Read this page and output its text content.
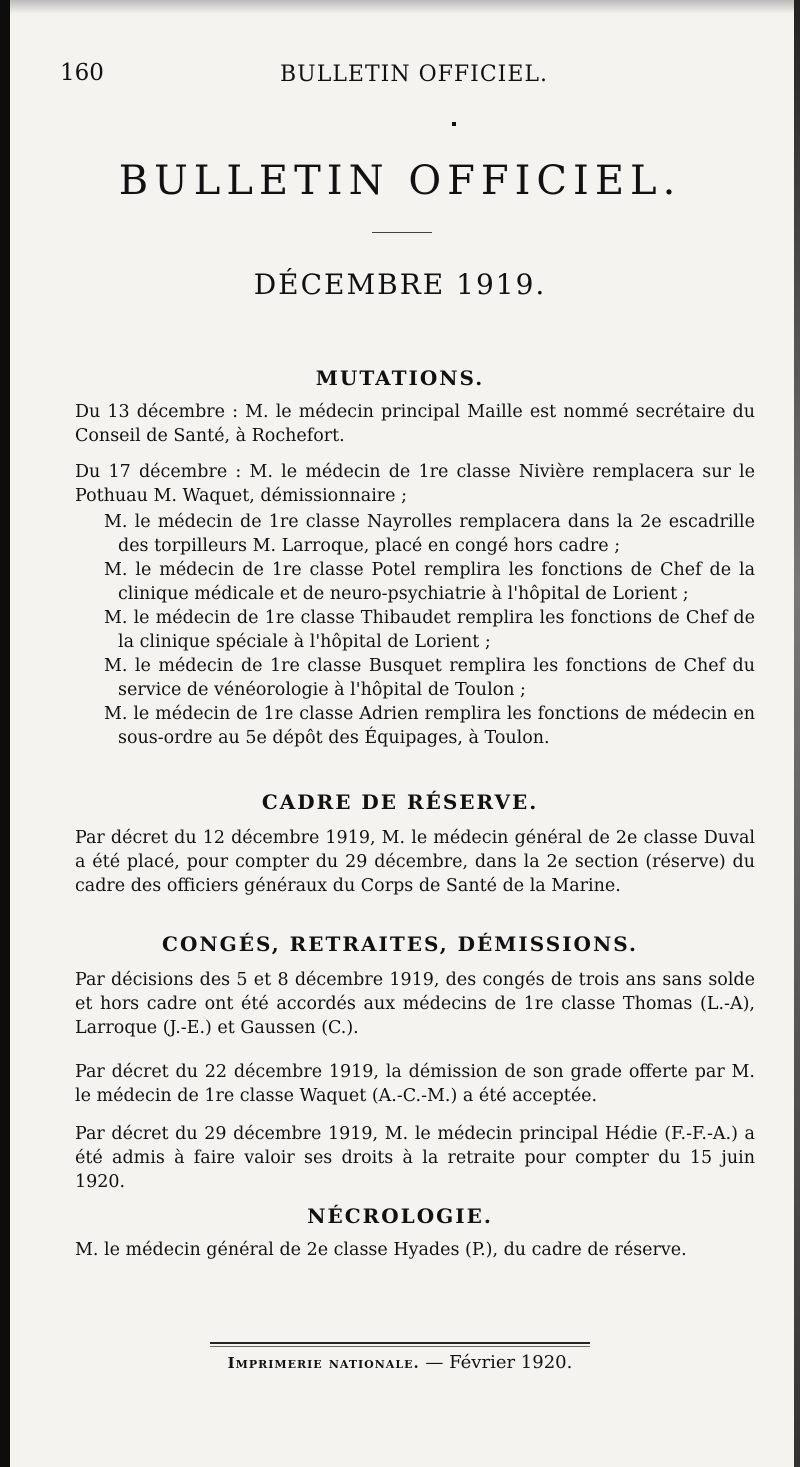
160	BULLETIN OFFICIEL.
BULLETIN OFFICIEL.
DÉCEMBRE 1919.
MUTATIONS.

Du 13 décembre : M. le médecin principal Maille est nommé secrétaire du Conseil de Santé, à Rochefort.

Du 17 décembre : M. le médecin de 1re classe Nivière remplacera sur le Pothuau M. Waquet, démissionnaire ;

M. le médecin de 1re classe Nayrolles remplacera dans la 2e escadrille des torpilleurs M. Larroque, placé en congé hors cadre ;
M. le médecin de 1re classe Potel remplira les fonctions de Chef de la clinique médicale et de neuro-psychiatrie à l'hôpital de Lorient ;
M. le médecin de 1re classe Thibaudet remplira les fonctions de Chef de la clinique spéciale à l'hôpital de Lorient ;
M. le médecin de 1re classe Busquet remplira les fonctions de Chef du service de vénéorologie à l'hôpital de Toulon ;
M. le médecin de 1re classe Adrien remplira les fonctions de médecin en sous-ordre au 5e dépôt des Équipages, à Toulon.
CADRE DE RÉSERVE.

Par décret du 12 décembre 1919, M. le médecin général de 2e classe Duval a été placé, pour compter du 29 décembre, dans la 2e section (réserve) du cadre des officiers généraux du Corps de Santé de la Marine.

CONGÉS, RETRAITES, DÉMISSIONS.

Par décisions des 5 et 8 décembre 1919, des congés de trois ans sans solde et hors cadre ont été accordés aux médecins de 1re classe Thomas (L.-A), Larroque (J.-E.) et Gaussen (C.).

Par décret du 22 décembre 1919, la démission de son grade offerte par M. le médecin de 1re classe Waquet (A.-C.-M.) a été acceptée.

Par décret du 29 décembre 1919, M. le médecin principal Hédie (F.-F.-A.) a été admis à faire valoir ses droits à la retraite pour compter du 15 juin 1920.

NÉCROLOGIE.

M. le médecin général de 2e classe Hyades (P.), du cadre de réserve.

Imprimerie nationale. — Février 1920.
